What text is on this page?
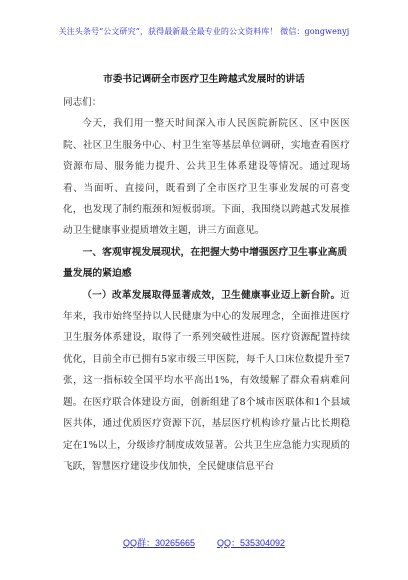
关注头条号“公文研究”，获得最新最全最专业的公文资料库！ 微信：gongwenyj
市委书记调研全市医疗卫生跨越式发展时的讲话

同志们：

今天，我们用一整天时间深入市人民医院新院区、区中医医院、社区卫生服务中心、村卫生室等基层单位调研，实地查看医疗资源布局、服务能力提升、公共卫生体系建设等情况。通过现场看、当面听、直接问，既看到了全市医疗卫生事业发展的可喜变化，也发现了制约瓶颈和短板弱项。下面，我围绕以跨越式发展推动卫生健康事业提质增效主题，讲三方面意见。

一、客观审视发展现状，在把握大势中增强医疗卫生事业高质量发展的紧迫感

（一）改革发展取得显著成效，卫生健康事业迈上新台阶。近年来，我市始终坚持以人民健康为中心的发展理念，全面推进医疗卫生服务体系建设，取得了一系列突破性进展。医疗资源配置持续优化，目前全市已拥有5家市级三甲医院，每千人口床位数提升至7张，这一指标较全国平均水平高出1%，有效缓解了群众看病难问题。在医疗联合体建设方面，创新组建了8个城市医联体和1个县域医共体，通过优质医疗资源下沉，基层医疗机构诊疗量占比长期稳定在1%以上，分级诊疗制度成效显著。公共卫生应急能力实现质的飞跃，智慧医疗建设步伐加快，全民健康信息平台

QQ群：30265665 QQ：535304092
